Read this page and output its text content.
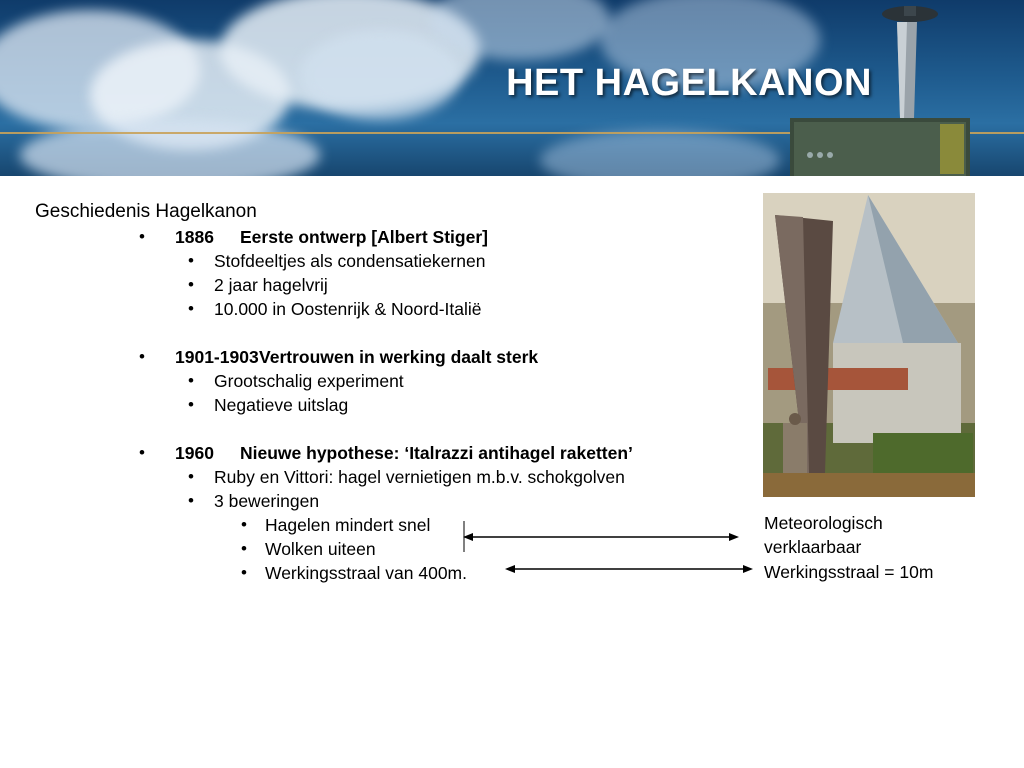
HET HAGELKANON
Geschiedenis Hagelkanon
• 1886 Eerste ontwerp [Albert Stiger]
• Stofdeeltjes als condensatiekernen
• 2 jaar hagelvrij
• 10.000 in Oostenrijk & Noord-Italië
• 1901-1903 Vertrouwen in werking daalt sterk
• Grootschalig experiment
• Negatieve uitslag
• 1960 Nieuwe hypothese: ‘Italrazzi antihagel raketten’
• Ruby en Vittori: hagel vernietigen m.b.v. schokgolven
• 3 beweringen
• Hagelen mindert snel
• Wolken uiteen
• Werkingsstraal van 400m.
Meteorologisch
verklaarbaar
Werkingsstraal = 10m
